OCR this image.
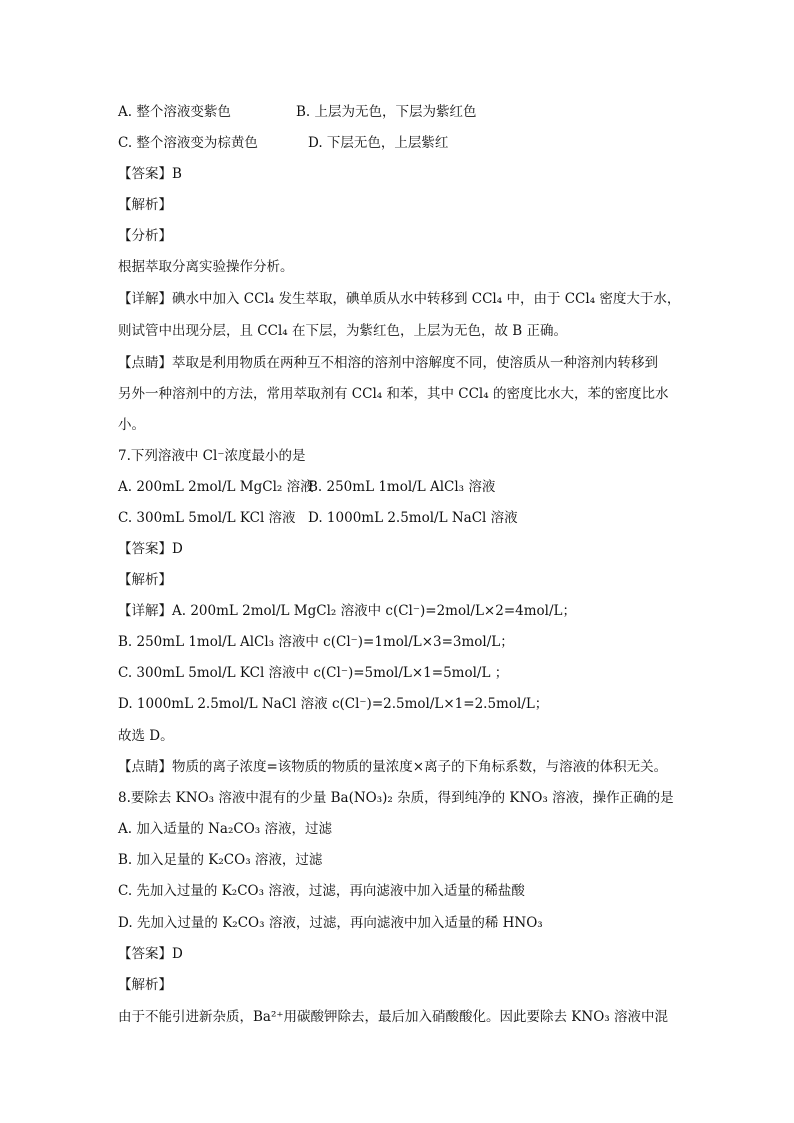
A. 整个溶液变紫色	B. 上层为无色，下层为紫红色
C. 整个溶液变为棕黄色	D. 下层无色，上层紫红
【答案】B
【解析】
【分析】
根据萃取分离实验操作分析。
【详解】碘水中加入 CCl₄ 发生萃取，碘单质从水中转移到 CCl₄ 中，由于 CCl₄ 密度大于水，
则试管中出现分层，且 CCl₄ 在下层，为紫红色，上层为无色，故 B 正确。
【点睛】萃取是利用物质在两种互不相溶的溶剂中溶解度不同，使溶质从一种溶剂内转移到
另外一种溶剂中的方法，常用萃取剂有 CCl₄ 和苯，其中 CCl₄ 的密度比水大，苯的密度比水
小。
7.下列溶液中 Cl⁻浓度最小的是
A. 200mL 2mol/L MgCl₂ 溶液
B. 250mL 1mol/L AlCl₃ 溶液
C. 300mL 5mol/L KCl 溶液 D. 1000mL 2.5mol/L NaCl 溶液
【答案】D
【解析】
【详解】A. 200mL 2mol/L MgCl₂ 溶液中 c(Cl⁻)=2mol/L×2=4mol/L；
B. 250mL 1mol/L AlCl₃ 溶液中 c(Cl⁻)=1mol/L×3=3mol/L；
C. 300mL 5mol/L KCl 溶液中 c(Cl⁻)=5mol/L×1=5mol/L ；
D. 1000mL 2.5mol/L NaCl 溶液 c(Cl⁻)=2.5mol/L×1=2.5mol/L；
故选 D。
【点睛】物质的离子浓度=该物质的物质的量浓度×离子的下角标系数，与溶液的体积无关。
8.要除去 KNO₃ 溶液中混有的少量 Ba(NO₃)₂ 杂质，得到纯净的 KNO₃ 溶液，操作正确的是
A. 加入适量的 Na₂CO₃ 溶液，过滤
B. 加入足量的 K₂CO₃ 溶液，过滤
C. 先加入过量的 K₂CO₃ 溶液，过滤，再向滤液中加入适量的稀盐酸
D. 先加入过量的 K₂CO₃ 溶液，过滤，再向滤液中加入适量的稀 HNO₃
【答案】D
【解析】
由于不能引进新杂质，Ba²⁺用碳酸钾除去，最后加入硝酸酸化。因此要除去 KNO₃ 溶液中混
